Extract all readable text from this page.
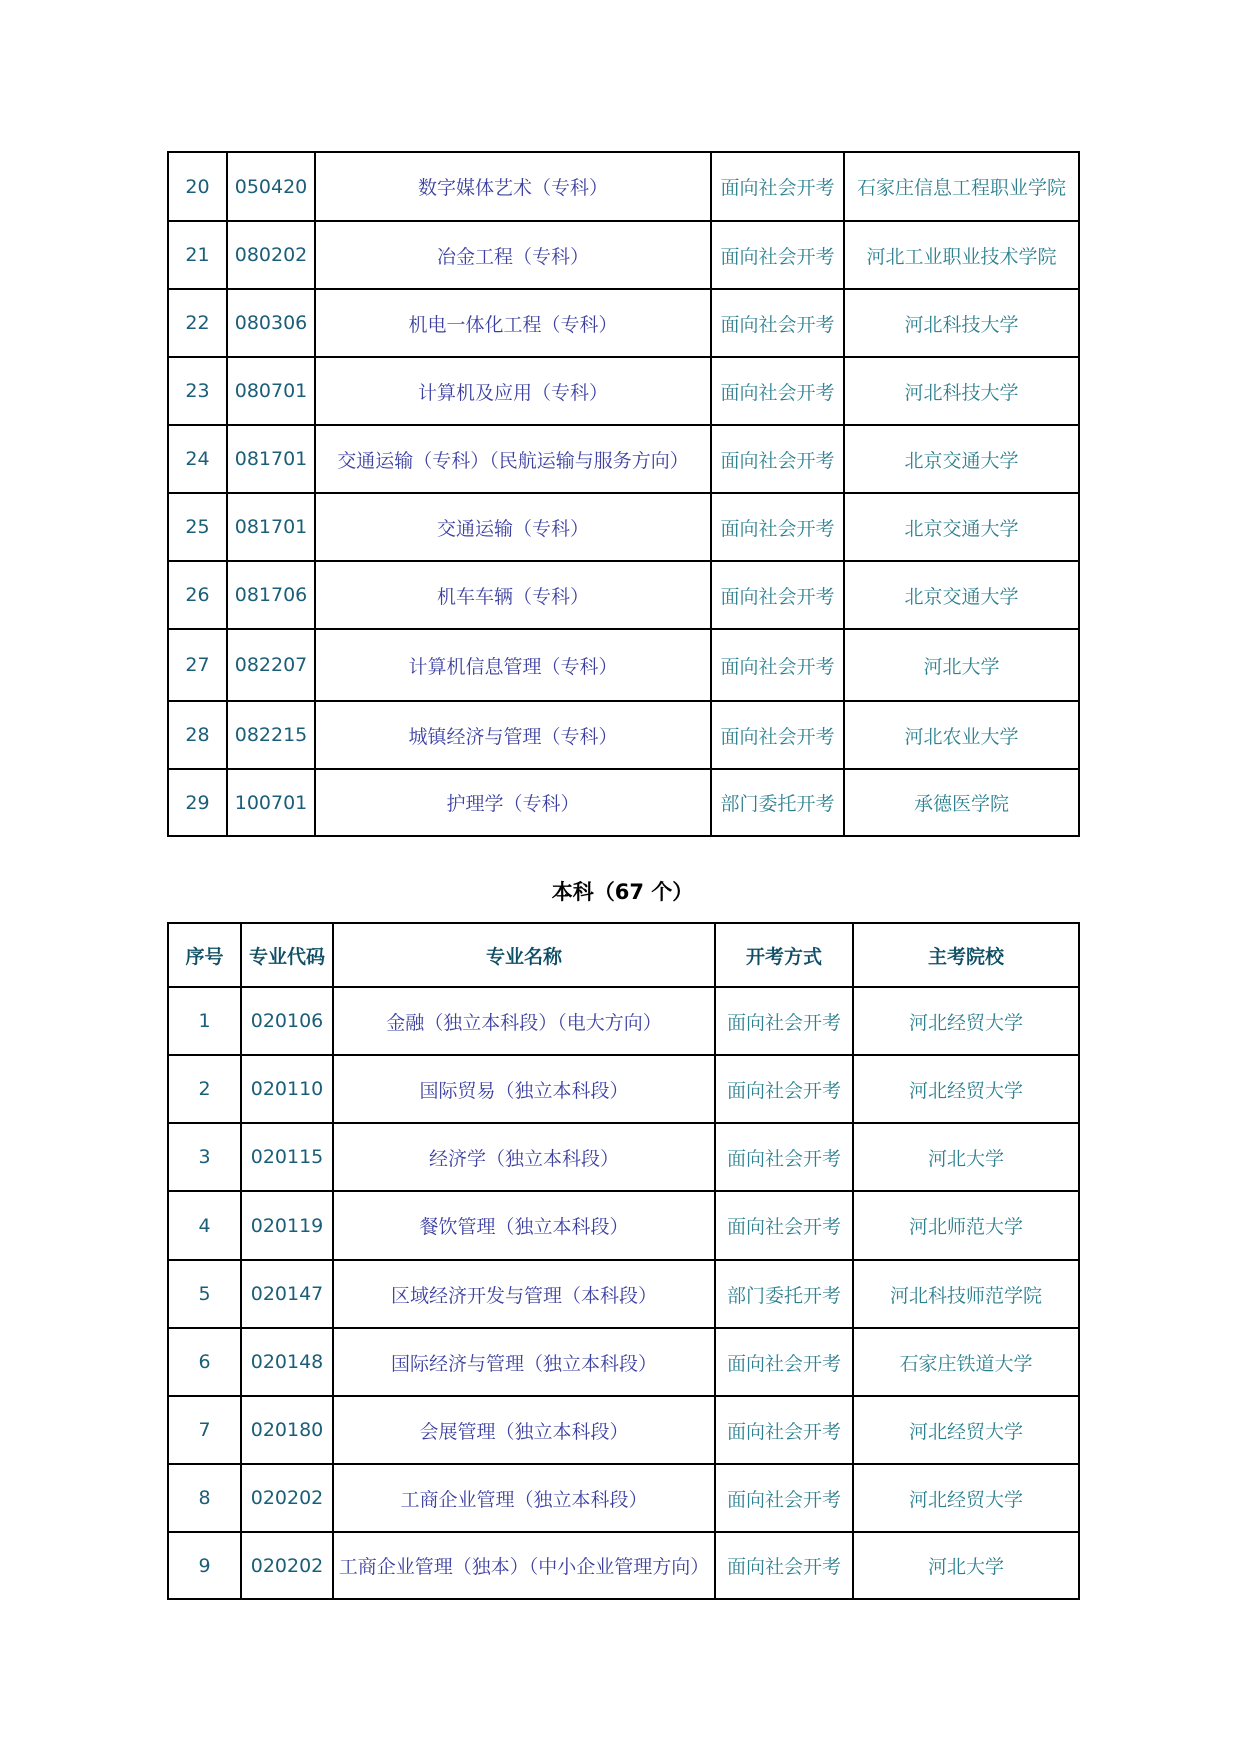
20	050420	数字媒体艺术（专科）	面向社会开考	石家庄信息工程职业学院
21	080202	冶金工程（专科）	面向社会开考	河北工业职业技术学院
22	080306	机电一体化工程（专科）	面向社会开考	河北科技大学
23	080701	计算机及应用（专科）	面向社会开考	河北科技大学
24	081701	交通运输（专科）（民航运输与服务方向）	面向社会开考	北京交通大学
25	081701	交通运输（专科）	面向社会开考	北京交通大学
26	081706	机车车辆（专科）	面向社会开考	北京交通大学
27	082207	计算机信息管理（专科）	面向社会开考	河北大学
28	082215	城镇经济与管理（专科）	面向社会开考	河北农业大学
29	100701	护理学（专科）	部门委托开考	承德医学院
本科（67 个）
序号	专业代码	专业名称	开考方式	主考院校
1	020106	金融（独立本科段）（电大方向）	面向社会开考	河北经贸大学
2	020110	国际贸易（独立本科段）	面向社会开考	河北经贸大学
3	020115	经济学（独立本科段）	面向社会开考	河北大学
4	020119	餐饮管理（独立本科段）	面向社会开考	河北师范大学
5	020147	区域经济开发与管理（本科段）	部门委托开考	河北科技师范学院
6	020148	国际经济与管理（独立本科段）	面向社会开考	石家庄铁道大学
7	020180	会展管理（独立本科段）	面向社会开考	河北经贸大学
8	020202	工商企业管理（独立本科段）	面向社会开考	河北经贸大学
9	020202	工商企业管理（独本）（中小企业管理方向）	面向社会开考	河北大学
